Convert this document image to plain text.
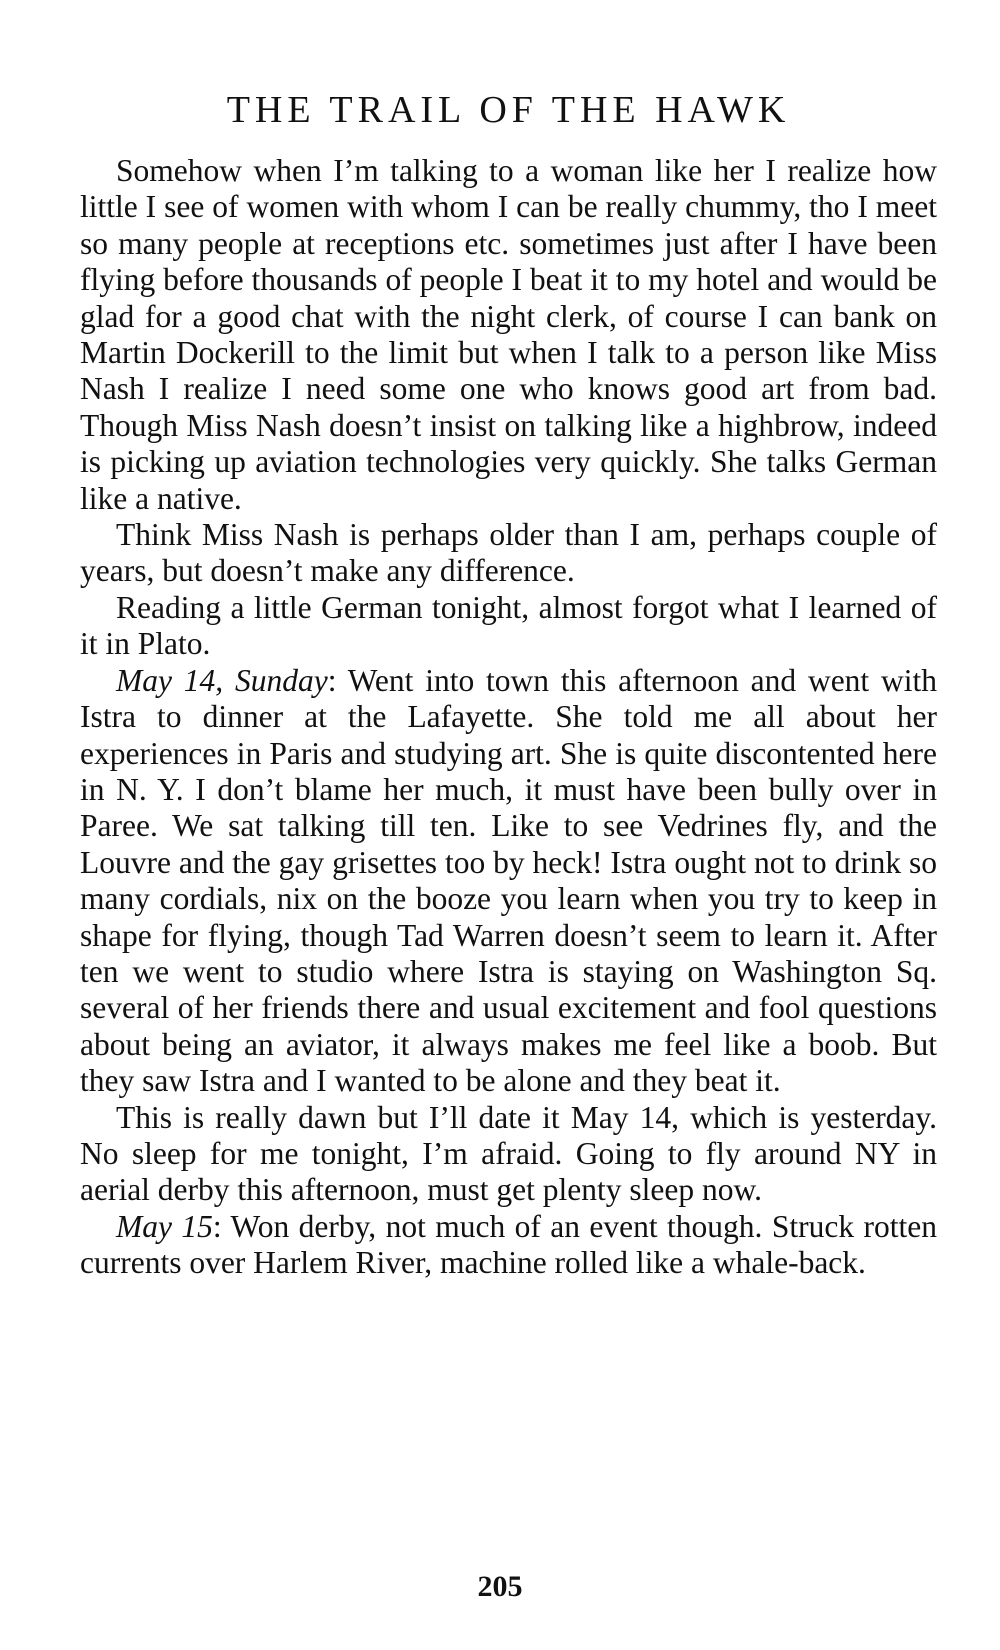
THE TRAIL OF THE HAWK

Somehow when I’m talking to a woman like her I realize how little I see of women with whom I can be really chummy, tho I meet so many people at receptions etc. sometimes just after I have been flying before thousands of people I beat it to my hotel and would be glad for a good chat with the night clerk, of course I can bank on Martin Dockerill to the limit but when I talk to a person like Miss Nash I realize I need some one who knows good art from bad. Though Miss Nash doesn’t insist on talking like a highbrow, indeed is picking up aviation technologies very quickly. She talks German like a native.

Think Miss Nash is perhaps older than I am, perhaps couple of years, but doesn’t make any difference.

Reading a little German tonight, almost forgot what I learned of it in Plato.

May 14, Sunday: Went into town this afternoon and went with Istra to dinner at the Lafayette. She told me all about her experiences in Paris and studying art. She is quite discontented here in N. Y. I don’t blame her much, it must have been bully over in Paree. We sat talking till ten. Like to see Vedrines fly, and the Louvre and the gay grisettes too by heck! Istra ought not to drink so many cordials, nix on the booze you learn when you try to keep in shape for flying, though Tad Warren doesn’t seem to learn it. After ten we went to studio where Istra is staying on Washington Sq. several of her friends there and usual excitement and fool questions about being an aviator, it always makes me feel like a boob. But they saw Istra and I wanted to be alone and they beat it.

This is really dawn but I’ll date it May 14, which is yesterday. No sleep for me tonight, I’m afraid. Going to fly around NY in aerial derby this afternoon, must get plenty sleep now.

May 15: Won derby, not much of an event though. Struck rotten currents over Harlem River, machine rolled like a whale-back.

205
